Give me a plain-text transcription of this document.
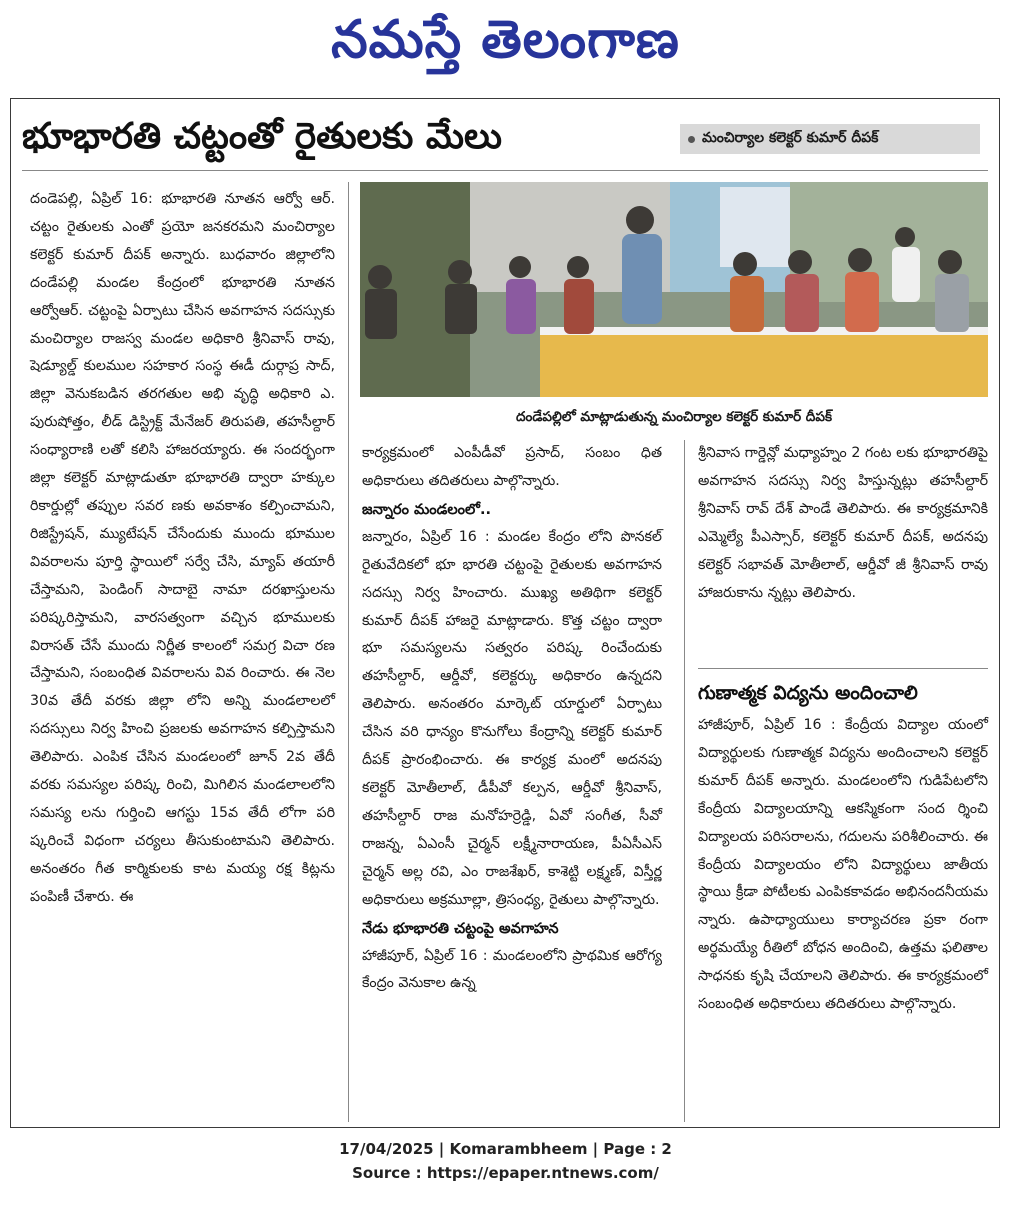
నమస్తే తెలంగాణ
భూభారతి చట్టంతో రైతులకు మేలు	మంచిర్యాల కలెక్టర్ కుమార్ దీపక్

దండెపల్లి, ఏప్రిల్ 16: భూభారతి నూతన ఆర్వో ఆర్. చట్టం రైతులకు ఎంతో ప్రయో జనకరమని మంచిర్యాల కలెక్టర్ కుమార్ దీపక్ అన్నారు. బుధవారం జిల్లాలోని దండేపల్లి మండల కేంద్రంలో భూభారతి నూతన ఆర్వోఆర్. చట్టంపై ఏర్పాటు చేసిన అవగాహన సదస్సుకు మంచిర్యాల రాజస్వ మండల అధికారి శ్రీనివాస్ రావు, షెడ్యూల్డ్ కులముల సహకార సంస్థ ఈడీ దుర్గాప్ర సాద్, జిల్లా వెనుకబడిన తరగతుల అభి వృద్ధి అధికారి ఎ. పురుషోత్తం, లీడ్ డిస్ట్రిక్ట్ మేనేజర్ తిరుపతి, తహసీల్దార్ సంధ్యారాణి లతో కలిసి హాజరయ్యారు. ఈ సందర్భంగా జిల్లా కలెక్టర్ మాట్లాడుతూ భూభారతి ద్వారా హక్కుల రికార్డుల్లో తప్పుల సవర ణకు అవకాశం కల్పించామని, రిజిస్ట్రేషన్, మ్యుటేషన్ చేసేందుకు ముందు భూముల వివరాలను పూర్తి స్థాయిలో సర్వే చేసి, మ్యాప్ తయారీ చేస్తామని, పెండింగ్ సాదాబై నామా దరఖాస్తులను పరిష్కరిస్తామని, వారసత్వంగా వచ్చిన భూములకు విరాసత్ చేసే ముందు నిర్ణీత కాలంలో సమగ్ర విచా రణ చేస్తామని, సంబంధిత వివరాలను వివ రించారు. ఈ నెల 30వ తేదీ వరకు జిల్లా లోని అన్ని మండలాలలో సదస్సులు నిర్వ హించి ప్రజలకు అవగాహన కల్పిస్తామని తెలిపారు. ఎంపిక చేసిన మండలంలో జూన్ 2వ తేదీ వరకు సమస్యల పరిష్క రించి, మిగిలిన మండలాలలోని సమస్య లను గుర్తించి ఆగస్టు 15వ తేదీ లోగా పరి ష్కరించే విధంగా చర్యలు తీసుకుంటామని తెలిపారు. అనంతరం గీత కార్మికులకు కాట మయ్య రక్ష కిట్లను పంపిణీ చేశారు. ఈ

దండేపల్లిలో మాట్లాడుతున్న మంచిర్యాల కలెక్టర్ కుమార్ దీపక్

కార్యక్రమంలో ఎంపీడీవో ప్రసాద్, సంబం ధిత అధికారులు తదితరులు పాల్గొన్నారు.

జన్నారం మండలంలో..

జన్నారం, ఏప్రిల్ 16 : మండల కేంద్రం లోని పొనకల్ రైతువేదికలో భూ భారతి చట్టంపై రైతులకు అవగాహన సదస్సు నిర్వ హించారు. ముఖ్య అతిథిగా కలెక్టర్ కుమార్ దీపక్ హాజరై మాట్లాడారు. కొత్త చట్టం ద్వారా భూ సమస్యలను సత్వరం పరిష్క రించేందుకు తహసీల్దార్, ఆర్డీవో, కలెక్టర్కు అధికారం ఉన్నదని తెలిపారు. అనంతరం మార్కెట్ యార్డులో ఏర్పాటు చేసిన వరి ధాన్యం కొనుగోలు కేంద్రాన్ని కలెక్టర్ కుమార్ దీపక్ ప్రారంభించారు. ఈ కార్యక్ర మంలో అదనపు కలెక్టర్ మోతీలాల్, డీపీవో కల్పన, ఆర్డీవో శ్రీనివాస్, తహసీల్దార్ రాజ మనోహర్రెడ్డి, ఏవో సంగీత, సీవో రాజన్న, ఏఎంసీ చైర్మన్ లక్ష్మీనారాయణ, పీఏసీఎస్ చైర్మన్ అల్ల రవి, ఎం రాజశేఖర్, కాశెట్టి లక్ష్మణ్, విస్తీర్ణ అధికారులు అక్రమూల్లా, త్రిసంధ్య, రైతులు పాల్గొన్నారు.

నేడు భూభారతి చట్టంపై అవగాహన

హాజీపూర్, ఏప్రిల్ 16 : మండలంలోని ప్రాథమిక ఆరోగ్య కేంద్రం వెనుకాల ఉన్న

శ్రీనివాస గార్డెన్లో మధ్యాహ్నం 2 గంట లకు భూభారతిపై అవగాహన సదస్సు నిర్వ హిస్తున్నట్లు తహసీల్దార్ శ్రీనివాస్ రావ్ దేశ్ పాండే తెలిపారు. ఈ కార్యక్రమానికి ఎమ్మెల్యే పీఎస్సార్, కలెక్టర్ కుమార్ దీపక్, అదనపు కలెక్టర్ సభావత్ మోతీలాల్, ఆర్డీవో జీ శ్రీనివాస్ రావు హాజరుకాను న్నట్లు తెలిపారు.

గుణాత్మక విద్యను అందించాలి

హాజీపూర్, ఏప్రిల్ 16 : కేంద్రీయ విద్యాల యంలో విద్యార్థులకు గుణాత్మక విద్యను అందించాలని కలెక్టర్ కుమార్ దీపక్ అన్నారు. మండలంలోని గుడిపేటలోని కేంద్రీయ విద్యాలయాన్ని ఆకస్మికంగా సంద ర్శించి విద్యాలయ పరిసరాలను, గదులను పరిశీలించారు. ఈ కేంద్రీయ విద్యాలయం లోని విద్యార్థులు జాతీయ స్థాయి క్రీడా పోటీలకు ఎంపికకావడం అభినందనీయమ న్నారు. ఉపాధ్యాయులు కార్యాచరణ ప్రకా రంగా అర్థమయ్యే రీతిలో బోధన అందించి, ఉత్తమ ఫలితాల సాధనకు కృషి చేయాలని తెలిపారు. ఈ కార్యక్రమంలో సంబంధిత అధికారులు తదితరులు పాల్గొన్నారు.

17/04/2025 | Komarambheem | Page : 2
Source : https://epaper.ntnews.com/
